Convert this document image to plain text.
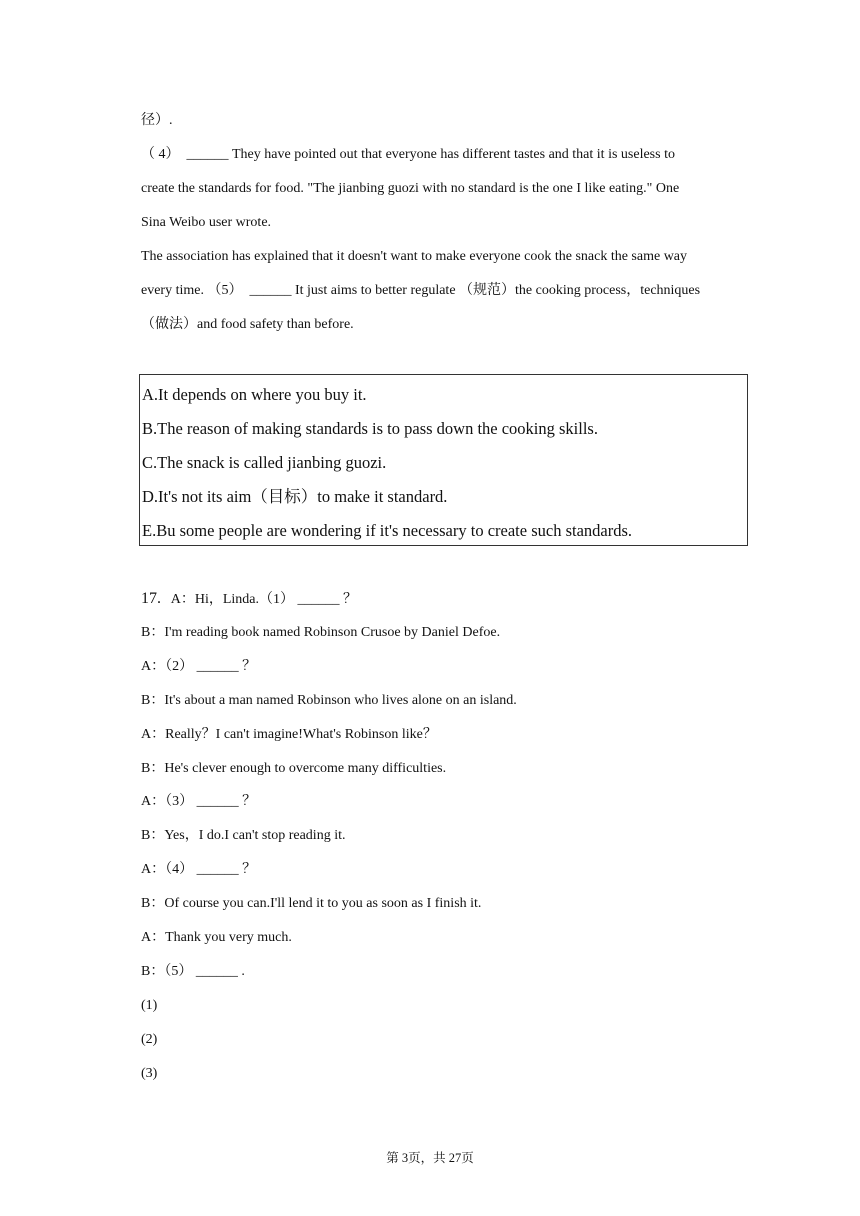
径）.
（ 4）  ______ They have pointed out that everyone has different tastes and that it is useless to
create the standards for food. "The jianbing guozi with no standard is the one I like eating." One
Sina Weibo user wrote.
The association has explained that it doesn't want to make everyone cook the snack the same way
every time. （5）  ______ It just aims to better regulate （规范）the cooking process，techniques
（做法）and food safety than before.
A.It depends on where you buy it.
B.The reason of making standards is to pass down the cooking skills.
C.The snack is called jianbing guozi.
D.It's not its aim（目标）to make it standard.
E.Bu some people are wondering if it's necessary to create such standards.
17. A：Hi，Linda.（1） ______ ？
B：I'm reading book named Robinson Crusoe by Daniel Defoe.
A：（2） ______ ？
B：It's about a man named Robinson who lives alone on an island.
A：Really？I can't imagine!What's Robinson like？
B：He's clever enough to overcome many difficulties.
A：（3） ______ ？
B：Yes，I do.I can't stop reading it.
A：（4） ______ ？
B：Of course you can.I'll lend it to you as soon as I finish it.
A：Thank you very much.
B：（5） ______ .
(1)
(2)
(3)
第 3页，共 27页
